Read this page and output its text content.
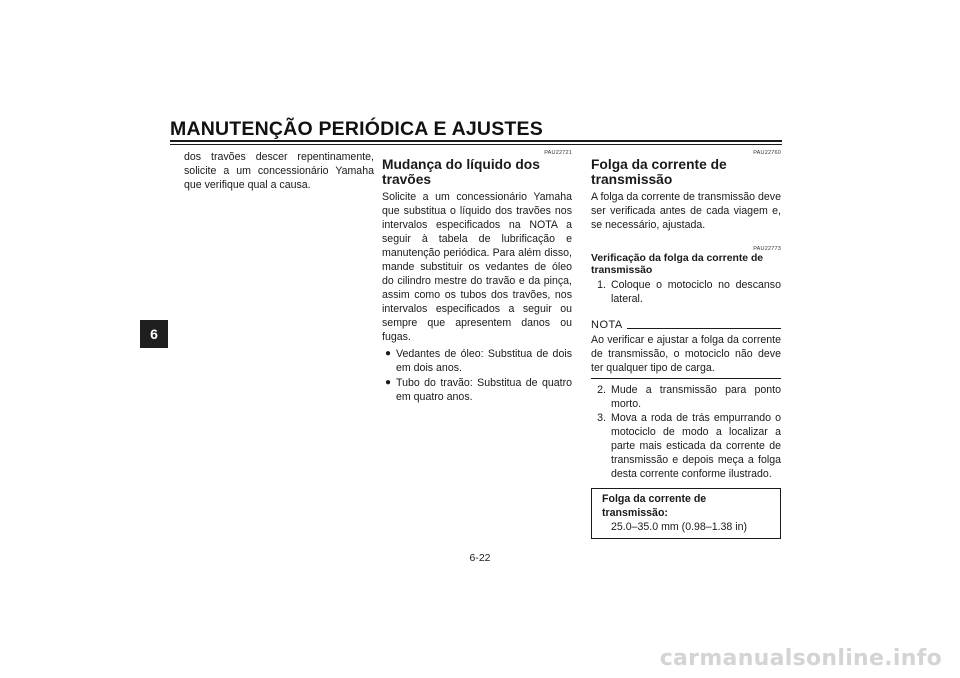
MANUTENÇÃO PERIÓDICA E AJUSTES
6

dos travões descer repentinamente, solicite a um concessionário Yamaha que verifique qual a causa.

PAU22721
Mudança do líquido dos travões

Solicite a um concessionário Yamaha que substitua o líquido dos travões nos intervalos especificados na NOTA a seguir à tabela de lubrificação e manutenção periódica. Para além disso, mande substituir os vedantes de óleo do cilindro mestre do travão e da pinça, assim como os tubos dos travões, nos intervalos especificados a seguir ou sempre que apresentem danos ou fugas.

● Vedantes de óleo: Substitua de dois em dois anos.
● Tubo do travão: Substitua de quatro em quatro anos.
PAU22760
Folga da corrente de transmissão

A folga da corrente de transmissão deve ser verificada antes de cada viagem e, se necessário, ajustada.

PAU22773
Verificação da folga da corrente de transmissão
1. Coloque o motociclo no descanso lateral.
NOTA

Ao verificar e ajustar a folga da corrente de transmissão, o motociclo não deve ter qualquer tipo de carga.

2. Mude a transmissão para ponto morto.
3. Mova a roda de trás empurrando o motociclo de modo a localizar a parte mais esticada da corrente de transmissão e depois meça a folga desta corrente conforme ilustrado.
Folga da corrente de transmissão:
25.0–35.0 mm (0.98–1.38 in)
6-22
carmanualsonline.info
